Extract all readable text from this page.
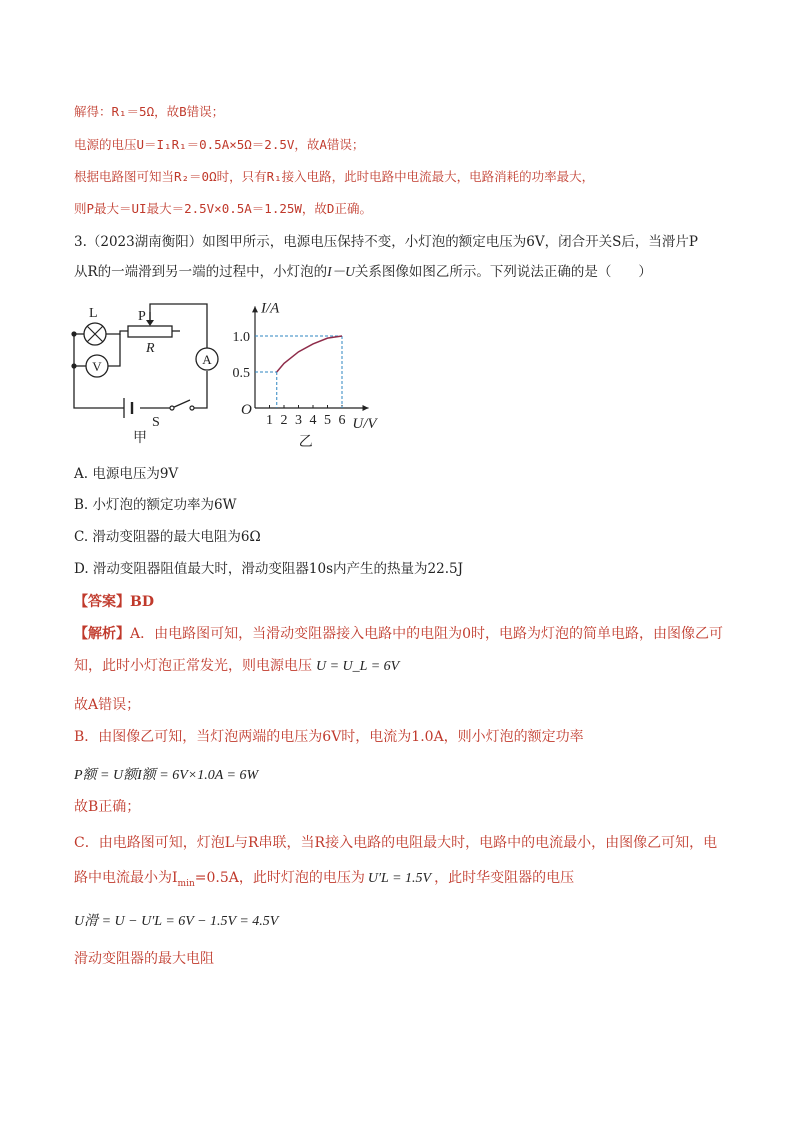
解得：R₁＝5Ω，故B错误；
电源的电压U＝I₁R₁＝0.5A×5Ω＝2.5V，故A错误；
根据电路图可知当R₂＝0Ω时，只有R₁接入电路，此时电路中电流最大，电路消耗的功率最大，
则P最大＝UI最大＝2.5V×0.5A＝1.25W，故D正确。
3.（2023湖南衡阳）如图甲所示，电源电压保持不变，小灯泡的额定电压为6V，闭合开关S后，当滑片P
从R的一端滑到另一端的过程中，小灯泡的I－U关系图像如图乙所示。下列说法正确的是（　　）
V	A
L	P
R
S
甲
1 2 3 4 5 6
0.5
1.0
I/A
U/V
O
乙
A. 电源电压为9V
B. 小灯泡的额定功率为6W
C. 滑动变阻器的最大电阻为6Ω
D. 滑动变阻器阻值最大时，滑动变阻器10s内产生的热量为22.5J
【答案】BD
【解析】A．由电路图可知，当滑动变阻器接入电路中的电阻为0时，电路为灯泡的简单电路，由图像乙可
知，此时小灯泡正常发光，则电源电压 U = U_L = 6V
故A错误；
B．由图像乙可知，当灯泡两端的电压为6V时，电流为1.0A，则小灯泡的额定功率
P额 = U额I额 = 6V×1.0A = 6W
故B正确；
C．由电路图可知，灯泡L与R串联，当R接入电路的电阻最大时，电路中的电流最小，由图像乙可知，电
路中电流最小为$I_{min}=0.5A$，此时灯泡的电压为 U′L = 1.5V ，此时华变阻器的电压
U滑 = U − U′L = 6V − 1.5V = 4.5V
滑动变阻器的最大电阻
